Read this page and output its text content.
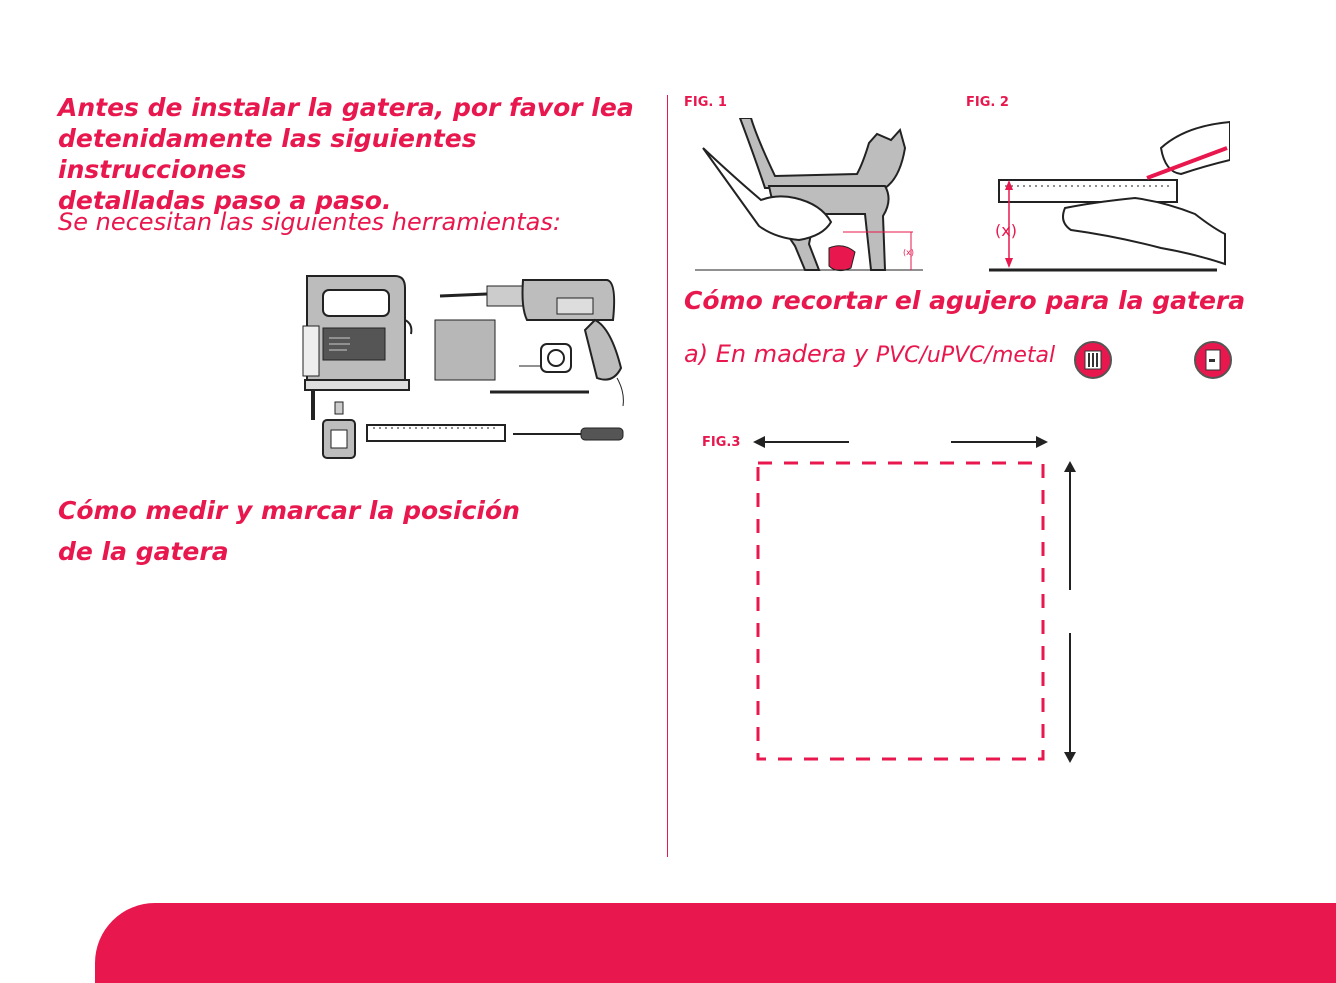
Antes de instalar la gatera, por favor lea
detenidamente las siguientes instrucciones
detalladas paso a paso.

Se necesitan las siguientes herramientas:

Cómo medir y marcar la posición
de la gatera
FIG. 1
(x)
FIG. 2
(x)
Cómo recortar el agujero para la gatera

a) En madera y PVC/uPVC/metal

FIG.3
